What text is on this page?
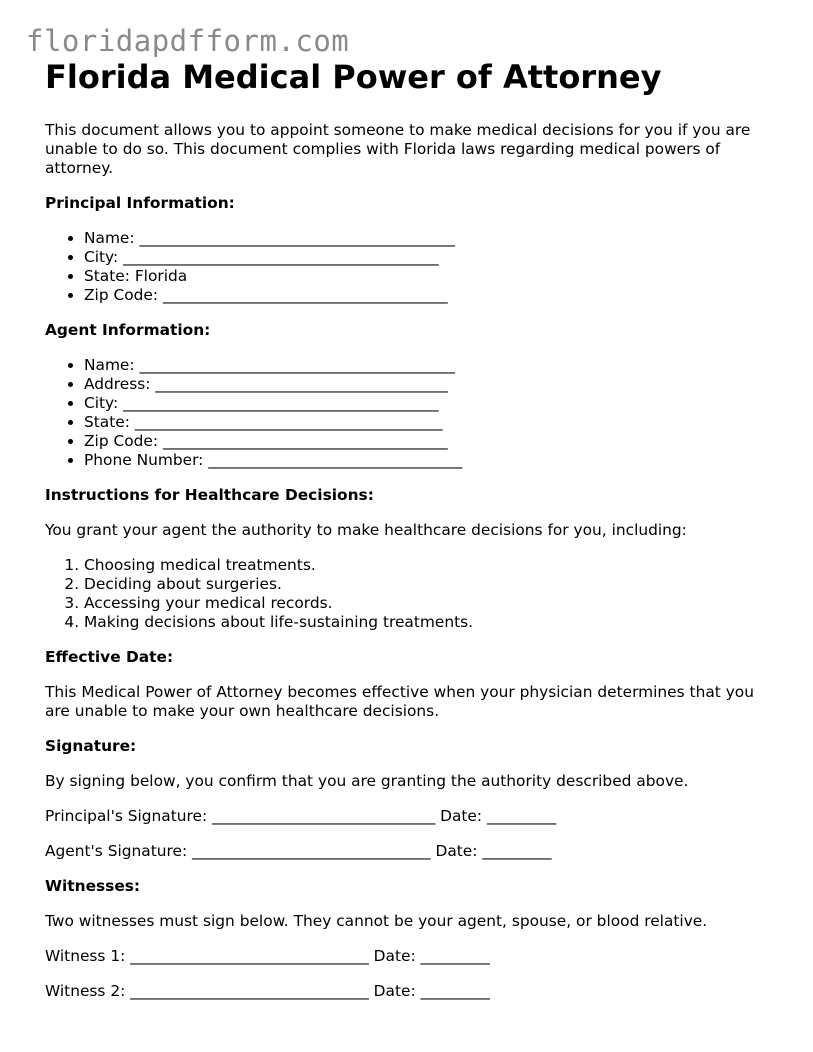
floridapdfform.com
Florida Medical Power of Attorney

This document allows you to appoint someone to make medical decisions for you if you are unable to do so. This document complies with Florida laws regarding medical powers of attorney.

Principal Information:
• Name: _________________________________________
• City: _________________________________________
• State: Florida
• Zip Code: _____________________________________
Agent Information:
• Name: _________________________________________
• Address: ______________________________________
• City: _________________________________________
• State: ________________________________________
• Zip Code: _____________________________________
• Phone Number: _________________________________
Instructions for Healthcare Decisions:

You grant your agent the authority to make healthcare decisions for you, including:

1. Choosing medical treatments.
2. Deciding about surgeries.
3. Accessing your medical records.
4. Making decisions about life-sustaining treatments.
Effective Date:

This Medical Power of Attorney becomes effective when your physician determines that you are unable to make your own healthcare decisions.

Signature:

By signing below, you confirm that you are granting the authority described above.

Principal's Signature: _____________________________ Date: _________
Agent's Signature: _______________________________ Date: _________
Witnesses:

Two witnesses must sign below. They cannot be your agent, spouse, or blood relative.

Witness 1: _______________________________ Date: _________
Witness 2: _______________________________ Date: _________
